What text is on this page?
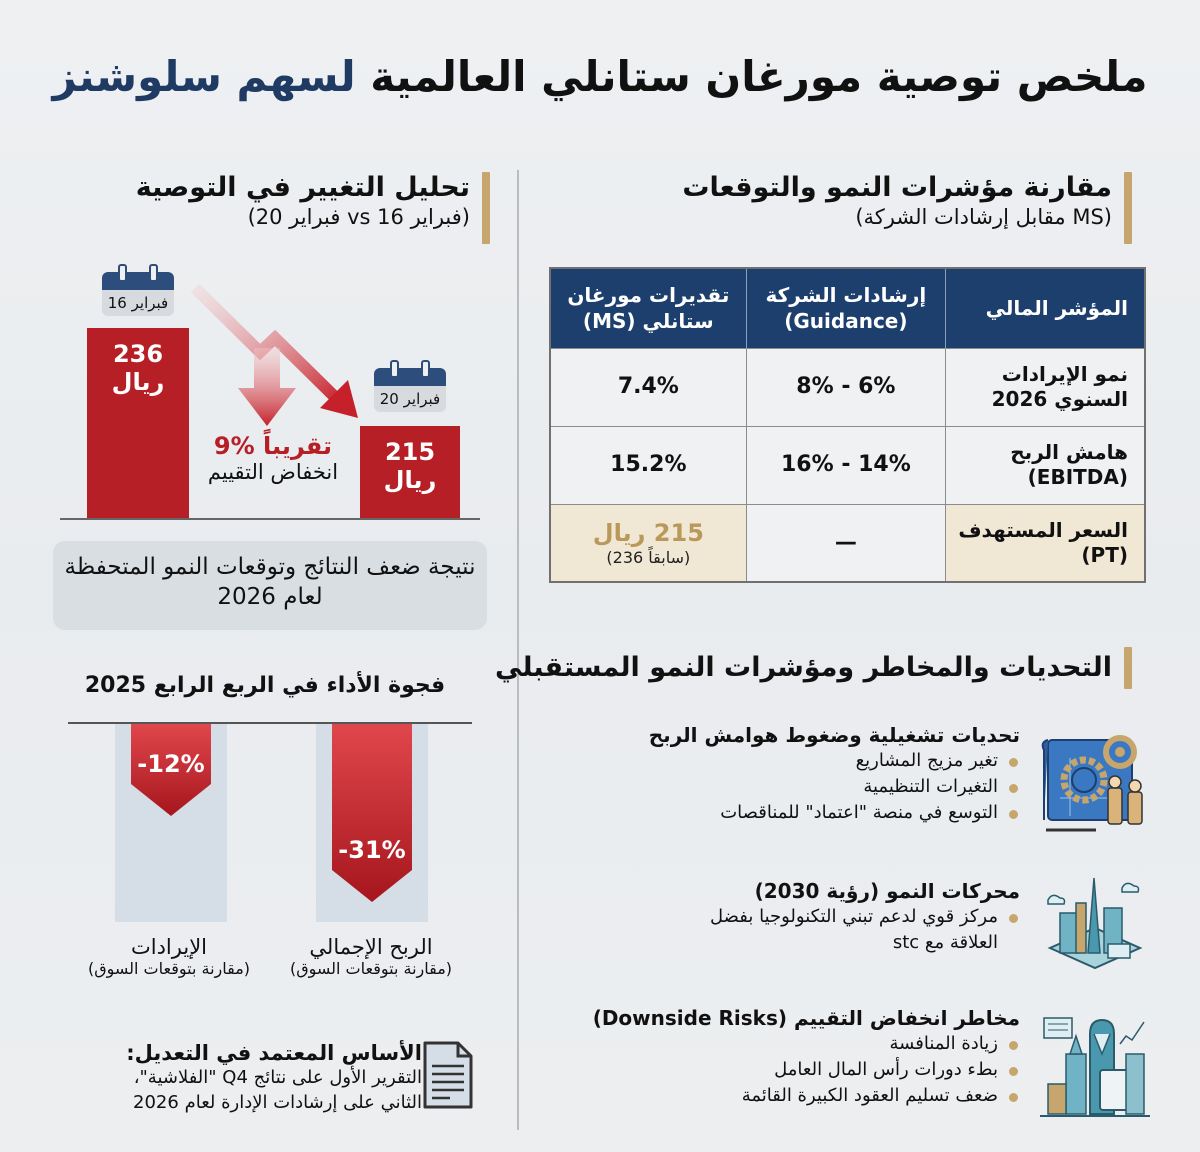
ملخص توصية مورغان ستانلي العالمية لسهم سلوشنز
مقارنة مؤشرات النمو والتوقعات
(MS مقابل إرشادات الشركة)
المؤشر المالي	إرشادات الشركة (Guidance)	تقديرات مورغان ستانلي (MS)
نمو الإيرادات
السنوي 2026	6% - 8%	7.4%
هامش الربح
(EBITDA)	14% - 16%	15.2%
السعر المستهدف
(PT)	—	215 ريال
(سابقاً 236)
تحليل التغيير في التوصية
(فبراير 16 vs فبراير 20)
فبراير 16
236 ريال
9% تقريباً
انخفاض التقييم
فبراير 20
215 ريال
نتيجة ضعف النتائج وتوقعات النمو المتحفظة لعام 2026
فجوة الأداء في الربع الرابع 2025
-12%
-31%
الإيرادات
(مقارنة بتوقعات السوق)
الربح الإجمالي
(مقارنة بتوقعات السوق)
الأساس المعتمد في التعديل:
التقرير الأول على نتائج Q4 "الفلاشية"،
الثاني على إرشادات الإدارة لعام 2026
التحديات والمخاطر ومؤشرات النمو المستقبلي
تحديات تشغيلية وضغوط هوامش الربح
تغير مزيج المشاريع
التغيرات التنظيمية
التوسع في منصة "اعتماد" للمناقصات
محركات النمو (رؤية 2030)
مركز قوي لدعم تبني التكنولوجيا بفضل العلاقة مع stc
مخاطر انخفاض التقييم (Downside Risks)
زيادة المنافسة
بطء دورات رأس المال العامل
ضعف تسليم العقود الكبيرة القائمة
